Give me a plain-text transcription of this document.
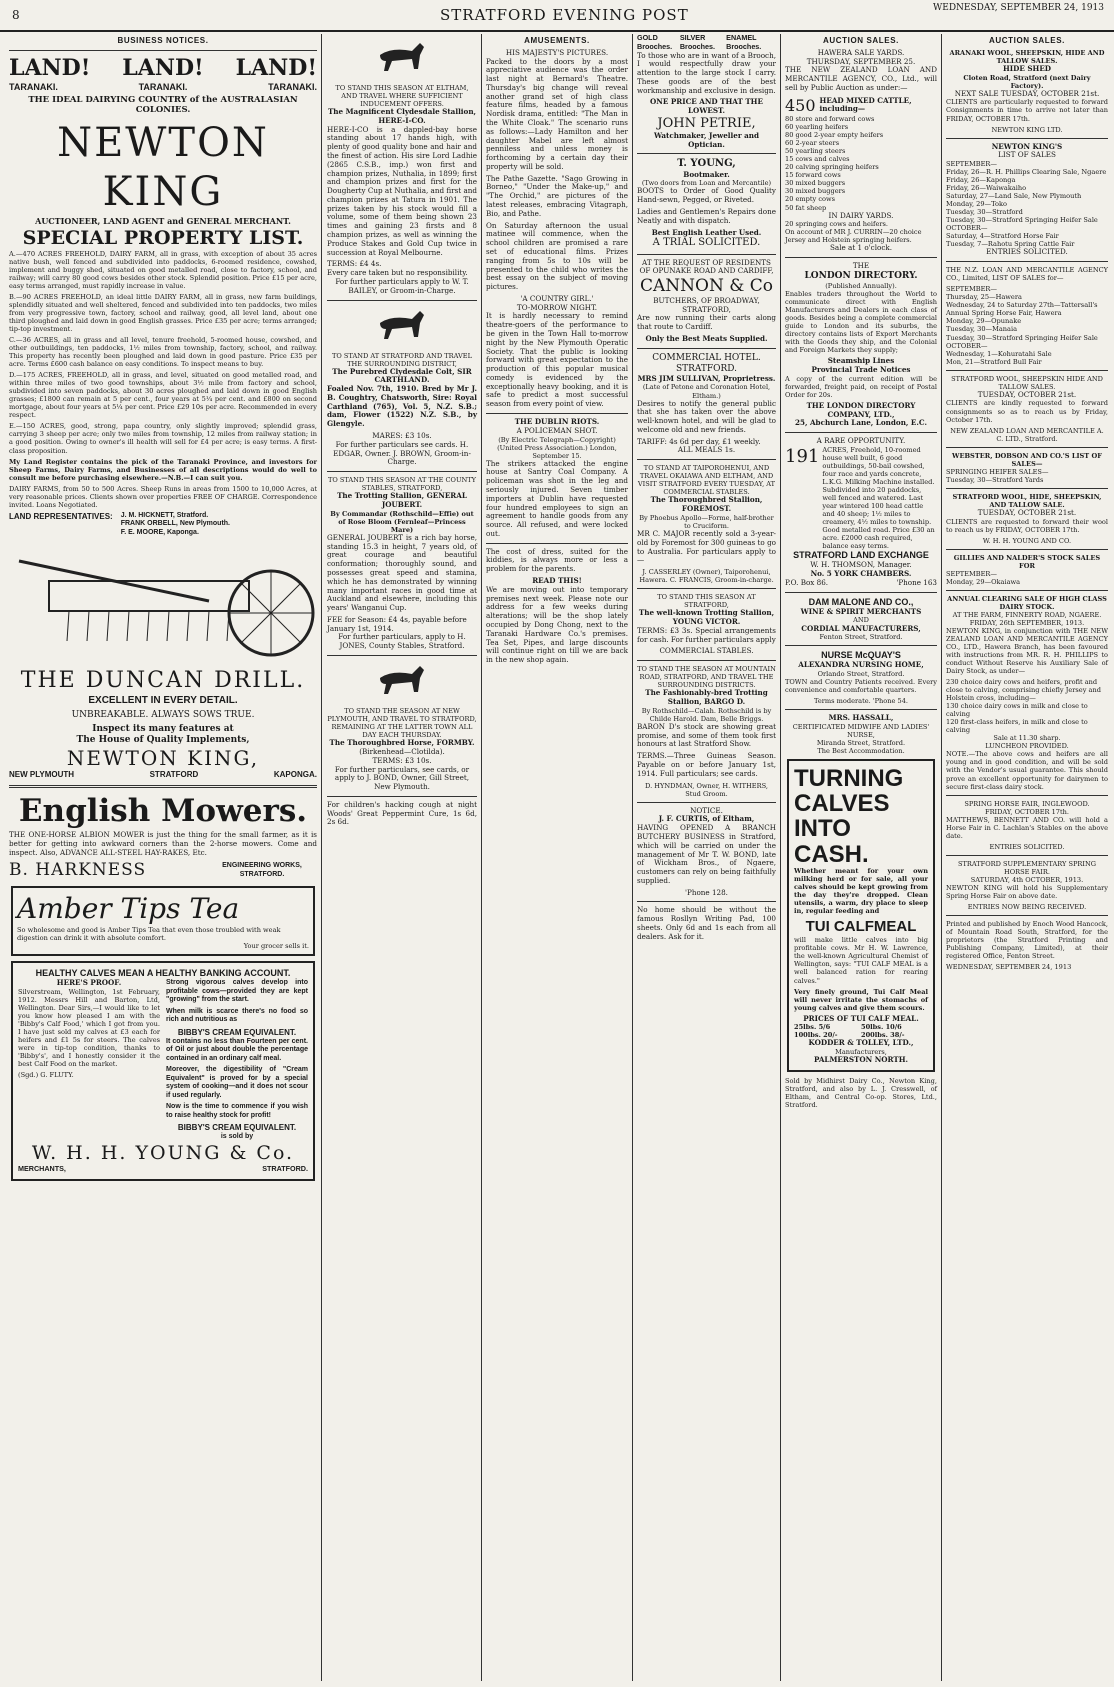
8	STRATFORD EVENING POST	WEDNESDAY, SEPTEMBER 24, 1913
BUSINESS NOTICES.
LAND! LAND! LAND!
TARANAKI.	TARANAKI.	TARANAKI.
THE IDEAL DAIRYING COUNTRY of the AUSTRALASIAN COLONIES.
NEWTON KING
AUCTIONEER, LAND AGENT and GENERAL MERCHANT.
SPECIAL PROPERTY LIST.

A.—470 ACRES FREEHOLD, DAIRY FARM, all in grass, with exception of about 35 acres native bush, well fenced and subdivided into paddocks, 6-roomed residence, cowshed, implement and buggy shed, situated on good metalled road, close to factory, school, and railway; will carry 80 good cows besides other stock. Splendid position. Price £15 per acre, easy terms arranged, must rapidly increase in value.

B.—90 ACRES FREEHOLD, an ideal little DAIRY FARM, all in grass, new farm buildings, splendidly situated and well sheltered, fenced and subdivided into ten paddocks, two miles from very progressive town, factory, school and railway, good, all level land, about one third ploughed and laid down in good English grasses. Price £35 per acre; terms arranged; tip-top investment.

C.—36 ACRES, all in grass and all level, tenure freehold, 5-roomed house, cowshed, and other outbuildings, ten paddocks, 1½ miles from township, factory, school, and railway. This property has recently been ploughed and laid down in good pasture. Price £35 per acre. Terms £600 cash balance on easy conditions. To inspect means to buy.

D.—175 ACRES, FREEHOLD, all in grass, and level, situated on good metalled road, and within three miles of two good townships, about 3½ mile from factory and school, subdivided into seven paddocks, about 30 acres ploughed and laid down in good English grasses; £1800 can remain at 5 per cent., four years at 5¼ per cent. and £800 on second mortgage, about four years at 5¼ per cent. Price £29 10s per acre. Recommended in every respect.

E.—150 ACRES, good, strong, papa country, only slightly improved; splendid grass, carrying 3 sheep per acre; only two miles from township, 12 miles from railway station; in a good position. Owing to owner's ill health will sell for £4 per acre; is easy terms. A first-class proposition.

My Land Register contains the pick of the Taranaki Province, and investors for Sheep Farms, Dairy Farms, and Businesses of all descriptions would do well to consult me before purchasing elsewhere.—N.B.—I can suit you.

DAIRY FARMS, from 50 to 500 Acres. Sheep Runs in areas from 1500 to 10,000 Acres, at very reasonable prices. Clients shown over properties FREE OF CHARGE. Correspondence invited. Loans Negotiated.

LAND REPRESENTATIVES: J. M. HICKNETT, Stratford.
FRANK ORBELL, New Plymouth.
F. E. MOORE, Kaponga.
THE DUNCAN DRILL.
EXCELLENT IN EVERY DETAIL.
UNBREAKABLE. ALWAYS SOWS TRUE.
Inspect its many features at
The House of Quality Implements,
NEWTON KING,
NEW PLYMOUTH	STRATFORD	KAPONGA.
English Mowers.

THE ONE-HORSE ALBION MOWER is just the thing for the small farmer, as it is better for getting into awkward corners than the 2-horse mowers. Come and inspect. Also, ADVANCE ALL-STEEL HAY-RAKES, Etc.

B. HARKNESS	ENGINEERING WORKS, STRATFORD.
Amber Tips Tea
So wholesome and good is Amber Tips Tea that even those troubled with weak digestion can drink it with absolute comfort.
Your grocer sells it.
HEALTHY CALVES MEAN A HEALTHY BANKING ACCOUNT.
HERE'S PROOF.

Silverstream, Wellington, 1st February, 1912. Messrs Hill and Barton, Ltd, Wellington. Dear Sirs,—I would like to let you know how pleased I am with the 'Bibby's Calf Food,' which I got from you. I have just sold my calves at £3 each for heifers and £1 5s for steers. The calves were in tip-top condition, thanks to 'Bibby's', and I honestly consider it the best Calf Food on the market.

(Sgd.) G. FLUTY.

Strong vigorous calves develop into profitable cows—provided they are kept "growing" from the start.

When milk is scarce there's no food so rich and nutritious as

BIBBY'S CREAM EQUIVALENT.

It contains no less than Fourteen per cent. of Oil or just about double the percentage contained in an ordinary calf meal.

Moreover, the digestibility of "Cream Equivalent" is proved for by a special system of cooking—and it does not scour if used regularly.

Now is the time to commence if you wish to raise healthy stock for profit!

BIBBY'S CREAM EQUIVALENT.
is sold by
W. H. H. YOUNG & Co.
MERCHANTS,	STRATFORD.
TO STAND THIS SEASON AT ELTHAM, AND TRAVEL WHERE SUFFICIENT INDUCEMENT OFFERS.
The Magnificent Clydesdale Stallion, HERE-I-CO.

HERE-I-CO is a dappled-bay horse standing about 17 hands high, with plenty of good quality bone and hair and the finest of action. His sire Lord Ladhie (2865 C.S.B., imp.) won first and champion prizes, Nuthalia, in 1899; first and champion prizes and first for the Dougherty Cup at Nuthalia, and first and champion prizes at Tatura in 1901. The prizes taken by his stock would fill a volume, some of them being shown 23 times and gaining 23 firsts and 8 champion prizes, as well as winning the Produce Stakes and Gold Cup twice in succession at Royal Melbourne.

TERMS: £4 4s.
Every care taken but no responsibility.
For further particulars apply to W. T. BAILEY, or Groom-in-Charge.
TO STAND AT STRATFORD AND TRAVEL THE SURROUNDING DISTRICT,
The Purebred Clydesdale Colt, SIR CARTHLAND.

Foaled Nov. 7th, 1910. Bred by Mr J. B. Coughtry, Chatsworth, Sire: Royal Carthland (765), Vol. 5, N.Z. S.B.; dam, Flower (1522) N.Z. S.B., by Glengyle.

MARES: £3 10s.
For further particulars see cards. H. EDGAR, Owner. J. BROWN, Groom-in-Charge.
TO STAND THIS SEASON AT THE COUNTY STABLES, STRATFORD,
The Trotting Stallion, GENERAL JOUBERT.
By Commandar (Rothschild—Effie) out of Rose Bloom (Fernleaf—Princess Mare)

GENERAL JOUBERT is a rich bay horse, standing 15.3 in height, 7 years old, of great courage and beautiful conformation; thoroughly sound, and possesses great speed and stamina, which he has demonstrated by winning many important races in good time at Auckland and elsewhere, including this years' Wanganui Cup.

FEE for Season: £4 4s, payable before January 1st, 1914.
For further particulars, apply to H. JONES, County Stables, Stratford.
TO STAND THE SEASON AT NEW PLYMOUTH, AND TRAVEL TO STRATFORD, REMAINING AT THE LATTER TOWN ALL DAY EACH THURSDAY.
The Thoroughbred Horse, FORMBY.
(Birkenhead—Clotilda).
TERMS: £3 10s.
For further particulars, see cards, or apply to J. BOND, Owner, Gill Street, New Plymouth.

For children's hacking cough at night Woods' Great Peppermint Cure, 1s 6d, 2s 6d.

AMUSEMENTS.
HIS MAJESTY'S PICTURES.

Packed to the doors by a most appreciative audience was the order last night at Bernard's Theatre. Thursday's big change will reveal another grand set of high class feature films, headed by a famous Nordisk drama, entitled: "The Man in the White Cloak." The scenario runs as follows:—Lady Hamilton and her daughter Mabel are left almost penniless and unless money is forthcoming by a certain day their property will be sold.

The Pathe Gazette. "Sago Growing in Borneo," "Under the Make-up," and "The Orchid," are pictures of the latest releases, embracing Vitagraph, Bio, and Pathe.

On Saturday afternoon the usual matinee will commence, when the school children are promised a rare set of educational films. Prizes ranging from 5s to 10s will be presented to the child who writes the best essay on the subject of moving pictures.

'A COUNTRY GIRL.'
TO-MORROW NIGHT.

It is hardly necessary to remind theatre-goers of the performance to be given in the Town Hall to-morrow night by the New Plymouth Operatic Society. That the public is looking forward with great expectation to the production of this popular musical comedy is evidenced by the exceptionally heavy booking, and it is safe to predict a most successful season from every point of view.

THE DUBLIN RIOTS.
A POLICEMAN SHOT.
(By Electric Telegraph—Copyright) (United Press Association.) London, September 15.

The strikers attacked the engine house at Santry Coal Company. A policeman was shot in the leg and seriously injured. Seven timber importers at Dublin have requested four hundred employees to sign an agreement to handle goods from any source. All refused, and were locked out.

The cost of dress, suited for the kiddies, is always more or less a problem for the parents.

READ THIS!

We are moving out into temporary premises next week. Please note our address for a few weeks during alterations; will be the shop lately occupied by Dong Chong, next to the Taranaki Hardware Co.'s premises. Tea Set, Pipes, and large discounts will continue right on till we are back in the new shop again.

GOLD Brooches.
SILVER Brooches.
ENAMEL Brooches.

To those who are in want of a Brooch, I would respectfully draw your attention to the large stock I carry. These goods are of the best workmanship and exclusive in design.

ONE PRICE AND THAT THE LOWEST.
JOHN PETRIE,
Watchmaker, Jeweller and Optician.
T. YOUNG,
Bootmaker.
(Two doors from Loan and Mercantile)

BOOTS to Order of Good Quality Hand-sewn, Pegged, or Riveted.

Ladies and Gentlemen's Repairs done Neatly and with dispatch.

Best English Leather Used.
A TRIAL SOLICITED.
AT THE REQUEST OF RESIDENTS OF OPUNAKE ROAD AND CARDIFF,
CANNON & Co
BUTCHERS, OF BROADWAY, STRATFORD,

Are now running their carts along that route to Cardiff.

Only the Best Meats Supplied.
COMMERCIAL HOTEL. STRATFORD.
MRS JIM SULLIVAN, Proprietress.
(Late of Petone and Coronation Hotel, Eltham.)

Desires to notify the general public that she has taken over the above well-known hotel, and will be glad to welcome old and new friends.

TARIFF: 4s 6d per day, £1 weekly.
ALL MEALS 1s.
TO STAND AT TAIPOROHENUI, AND TRAVEL OKAIAWA AND ELTHAM, AND VISIT STRATFORD EVERY TUESDAY, AT COMMERCIAL STABLES.
The Thoroughbred Stallion, FOREMOST.
By Phoebus Apollo—Forme, half-brother to Cruciform.

MR C. MAJOR recently sold a 3-year-old by Foremost for 300 guineas to go to Australia. For particulars apply to—

J. CASSERLEY (Owner), Taiporohenui, Hawera. C. FRANCIS, Groom-in-charge.
TO STAND THIS SEASON AT STRATFORD,
The well-known Trotting Stallion, YOUNG VICTOR.

TERMS: £3 3s. Special arrangements for cash. For further particulars apply

COMMERCIAL STABLES.
TO STAND THE SEASON AT MOUNTAIN ROAD, STRATFORD, AND TRAVEL THE SURROUNDING DISTRICTS.
The Fashionably-bred Trotting Stallion, BARGO D.
By Rothschild—Calah. Rothschild is by Childe Harold. Dam, Belle Briggs.

BARON D's stock are showing great promise, and some of them took first honours at last Stratford Show.

TERMS.—Three Guineas Season. Payable on or before January 1st, 1914. Full particulars; see cards.

D. HYNDMAN, Owner, H. WITHERS, Stud Groom.
NOTICE.
J. F. CURTIS, of Eltham,

HAVING OPENED A BRANCH BUTCHERY BUSINESS in Stratford, which will be carried on under the management of Mr T. W. BOND, late of Wickham Bros., of Ngaere, customers can rely on being faithfully supplied.

'Phone 128.

No home should be without the famous Rosllyn Writing Pad, 100 sheets. Only 6d and 1s each from all dealers. Ask for it.

AUCTION SALES.
HAWERA SALE YARDS.
THURSDAY, SEPTEMBER 25.

THE NEW ZEALAND LOAN AND MERCANTILE AGENCY, CO., Ltd., will sell by Public Auction as under:—

450 HEAD MIXED CATTLE, including—
80 store and forward cows
60 yearling heifers
80 good 2-year empty heifers
60 2-year steers
50 yearling steers
15 cows and calves
20 calving springing heifers
15 forward cows
30 mixed buggers
30 mixed buggers
20 empty cows
50 fat sheep
IN DAIRY YARDS.
20 springing cows and heifers.
On account of MR J. CURRIN—20 choice Jersey and Holstein springing heifers.
Sale at 1 o'clock.
THE
LONDON DIRECTORY.
(Published Annually).

Enables traders throughout the World to communicate direct with English Manufacturers and Dealers in each class of goods. Besides being a complete commercial guide to London and its suburbs, the directory contains lists of Export Merchants with the Goods they ship, and the Colonial and Foreign Markets they supply;

Steamship Lines
Provincial Trade Notices

A copy of the current edition will be forwarded, freight paid, on receipt of Postal Order for 20s.

THE LONDON DIRECTORY COMPANY, LTD.,
25, Abchurch Lane, London, E.C.
A RARE OPPORTUNITY.
191 ACRES, Freehold, 10-roomed house well built, 6 good outbuildings, 50-bail cowshed, four race and yards concrete, L.K.G. Milking Machine installed. Subdivided into 20 paddocks, well fenced and watered. Last year wintered 100 head cattle and 40 sheep; 1½ miles to creamery, 4½ miles to township. Good metalled road. Price £30 an acre. £2000 cash required, balance easy terms.
STRATFORD LAND EXCHANGE
W. H. THOMSON, Manager.
No. 5 YORK CHAMBERS.
P.O. Box 86.	'Phone 163
DAM MALONE AND CO.,
WINE & SPIRIT MERCHANTS
AND
CORDIAL MANUFACTURERS,
Fenton Street, Stratford.
NURSE McQUAY'S
ALEXANDRA NURSING HOME,
Orlando Street, Stratford.

TOWN and Country Patients received. Every convenience and comfortable quarters.

Terms moderate. 'Phone 54.
MRS. HASSALL,
CERTIFICATED MIDWIFE AND LADIES' NURSE,
Miranda Street, Stratford.
The Best Accommodation.
TURNING CALVES INTO CASH.

Whether meant for your own milking herd or for sale, all your calves should be kept growing from the day they're dropped. Clean utensils, a warm, dry place to sleep in, regular feeding and

TUI CALFMEAL

will make little calves into big profitable cows. Mr H. W. Lawrence, the well-known Agricultural Chemist of Wellington, says: "TUI CALF MEAL is a well balanced ration for rearing calves."

Very finely ground, Tui Calf Meal will never irritate the stomachs of young calves and give them scours.

PRICES OF TUI CALF MEAL.
25lbs. 5/6	50lbs. 10/6
100lbs. 20/-	200lbs. 38/-
KODDER & TOLLEY, LTD.,
Manufacturers,
PALMERSTON NORTH.

Sold by Midhirst Dairy Co., Newton King, Stratford, and also by L. J. Cresswell, of Eltham, and Central Co-op. Stores, Ltd., Stratford.

AUCTION SALES.
ARANAKI WOOL, SHEEPSKIN, HIDE AND TALLOW SALES.
HIDE SHED
Cloten Road, Stratford (next Dairy Factory).
NEXT SALE TUESDAY, OCTOBER 21st.

CLIENTS are particularly requested to forward Consignments in time to arrive not later than FRIDAY, OCTOBER 17th.

NEWTON KING LTD.
NEWTON KING'S
LIST OF SALES
SEPTEMBER—
Friday, 26—R. H. Phillips Clearing Sale, Ngaere
Friday, 26—Kaponga
Friday, 26—Waiwakaiho
Saturday, 27—Land Sale, New Plymouth
Monday, 29—Toko
Tuesday, 30—Stratford
Tuesday, 30—Stratford Springing Heifer Sale
OCTOBER—
Saturday, 4—Stratford Horse Fair
Tuesday, 7—Rahotu Spring Cattle Fair
ENTRIES SOLICITED.

THE N.Z. LOAN AND MERCANTILE AGENCY CO., Limited, LIST OF SALES for—

SEPTEMBER—
Thursday, 25—Hawera
Wednesday, 24 to Saturday 27th—Tattersall's Annual Spring Horse Fair, Hawera
Monday, 29—Opunake
Tuesday, 30—Manaia
Tuesday, 30—Stratford Springing Heifer Sale
OCTOBER—
Wednesday, 1—Kohuratahi Sale
Mon, 21—Stratford Bull Fair
STRATFORD WOOL, SHEEPSKIN HIDE AND TALLOW SALES.
TUESDAY, OCTOBER 21st.

CLIENTS are kindly requested to forward consignments so as to reach us by Friday, October 17th.

NEW ZEALAND LOAN AND MERCANTILE A. C. LTD., Stratford.
WEBSTER, DOBSON AND CO.'S LIST OF SALES—
SPRINGING HEIFER SALES—
Tuesday, 30—Stratford Yards
STRATFORD WOOL, HIDE, SHEEPSKIN, AND TALLOW SALE.
TUESDAY, OCTOBER 21st.

CLIENTS are requested to forward their wool to reach us by FRIDAY, OCTOBER 17th.

W. H. H. YOUNG AND CO.
GILLIES AND NALDER'S STOCK SALES FOR
SEPTEMBER—
Monday, 29—Okaiawa
ANNUAL CLEARING SALE OF HIGH CLASS DAIRY STOCK.
AT THE FARM, FINNERTY ROAD, NGAERE.
FRIDAY, 26th SEPTEMBER, 1913.

NEWTON KING, in conjunction with THE NEW ZEALAND LOAN AND MERCANTILE AGENCY CO., LTD., Hawera Branch, has been favoured with instructions from MR. R. H. PHILLIPS to conduct Without Reserve his Auxiliary Sale of Dairy Stock, as under—

230 choice dairy cows and heifers, profit and close to calving, comprising chiefly Jersey and Holstein cross, including—
130 choice dairy cows in milk and close to calving
120 first-class heifers, in milk and close to calving
Sale at 11.30 sharp.
LUNCHEON PROVIDED.

NOTE.—The above cows and heifers are all young and in good condition, and will be sold with the Vendor's usual guarantee. This should prove an excellent opportunity for dairymen to secure first-class dairy stock.

SPRING HORSE FAIR, INGLEWOOD.
FRIDAY, OCTOBER 17th.

MATTHEWS, BENNETT AND CO. will hold a Horse Fair in C. Lachlan's Stables on the above date.

ENTRIES SOLICITED.
STRATFORD SUPPLEMENTARY SPRING HORSE FAIR.
SATURDAY, 4th OCTOBER, 1913.

NEWTON KING will hold his Supplementary Spring Horse Fair on above date.

ENTRIES NOW BEING RECEIVED.

Printed and published by Enoch Wood Hancock, of Mountain Road South, Stratford, for the proprietors (the Stratford Printing and Publishing Company, Limited), at their registered Office, Fenton Street.

WEDNESDAY, SEPTEMBER 24, 1913
